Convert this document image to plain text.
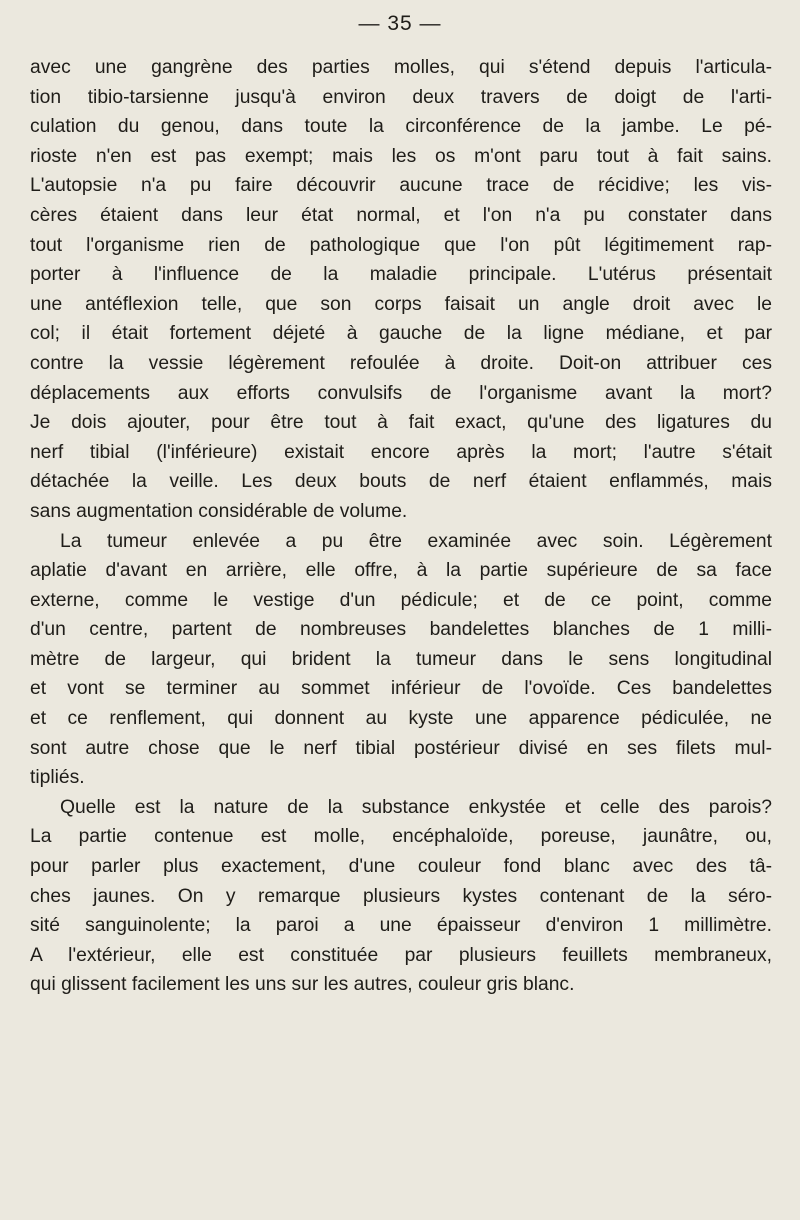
— 35 —
avec une gangrène des parties molles, qui s'étend depuis l'articula-
tion tibio-tarsienne jusqu'à environ deux travers de doigt de l'arti-
culation du genou, dans toute la circonférence de la jambe. Le pé-
rioste n'en est pas exempt; mais les os m'ont paru tout à fait sains.
L'autopsie n'a pu faire découvrir aucune trace de récidive; les vis-
cères étaient dans leur état normal, et l'on n'a pu constater dans
tout l'organisme rien de pathologique que l'on pût légitimement rap-
porter à l'influence de la maladie principale. L'utérus présentait
une antéflexion telle, que son corps faisait un angle droit avec le
col; il était fortement déjeté à gauche de la ligne médiane, et par
contre la vessie légèrement refoulée à droite. Doit-on attribuer ces
déplacements aux efforts convulsifs de l'organisme avant la mort?
Je dois ajouter, pour être tout à fait exact, qu'une des ligatures du
nerf tibial (l'inférieure) existait encore après la mort; l'autre s'était
détachée la veille. Les deux bouts de nerf étaient enflammés, mais
sans augmentation considérable de volume.
La tumeur enlevée a pu être examinée avec soin. Légèrement
aplatie d'avant en arrière, elle offre, à la partie supérieure de sa face
externe, comme le vestige d'un pédicule; et de ce point, comme
d'un centre, partent de nombreuses bandelettes blanches de 1 milli-
mètre de largeur, qui brident la tumeur dans le sens longitudinal
et vont se terminer au sommet inférieur de l'ovoïde. Ces bandelettes
et ce renflement, qui donnent au kyste une apparence pédiculée, ne
sont autre chose que le nerf tibial postérieur divisé en ses filets mul-
tipliés.
Quelle est la nature de la substance enkystée et celle des parois?
La partie contenue est molle, encéphaloïde, poreuse, jaunâtre, ou,
pour parler plus exactement, d'une couleur fond blanc avec des tâ-
ches jaunes. On y remarque plusieurs kystes contenant de la séro-
sité sanguinolente; la paroi a une épaisseur d'environ 1 millimètre.
A l'extérieur, elle est constituée par plusieurs feuillets membraneux,
qui glissent facilement les uns sur les autres, couleur gris blanc.
